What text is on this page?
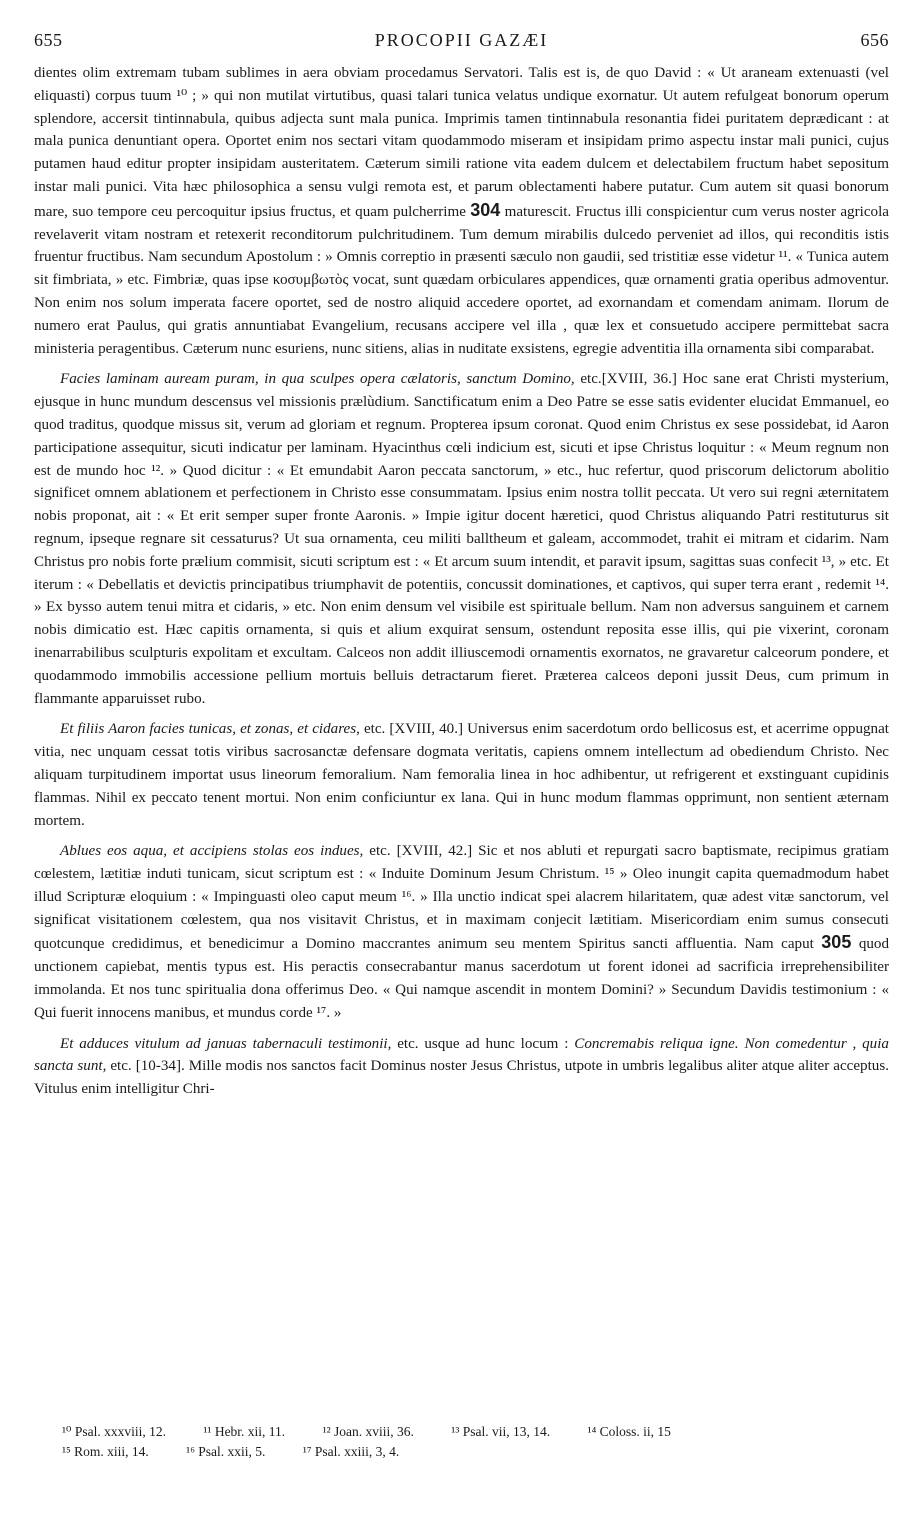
655	PROCOPII GAZÆI	656

dientes olim extremam tubam sublimes in aera obviam procedamus Servatori. Talis est is, de quo David : « Ut araneam extenuasti (vel eliquasti) corpus tuum ¹⁰ ; » qui non mutilat virtutibus, quasi talari tunica velatus undique exornatur. Ut autem refulgeat bonorum operum splendore, accersit tintinnabula, quibus adjecta sunt mala punica. Imprimis tamen tintinnabula resonantia fidei puritatem deprædicant : at mala punica denuntiant opera. Oportet enim nos sectari vitam quodammodo miseram et insipidam primo aspectu instar mali punici, cujus putamen haud editur propter insipidam austeritatem. Cæterum simili ratione vita eadem dulcem et delectabilem fructum habet sepositum instar mali punici. Vita hæc philosophica a sensu vulgi remota est, et parum oblectamenti habere putatur. Cum autem sit quasi bonorum mare, suo tempore ceu percoquitur ipsius fructus, et quam pulcherrime 304 maturescit. Fructus illi conspicientur cum verus noster agricola revelaverit vitam nostram et retexerit reconditorum pulchritudinem. Tum demum mirabilis dulcedo perveniet ad illos, qui reconditis istis fruentur fructibus. Nam secundum Apostolum : » Omnis correptio in præsenti sæculo non gaudii, sed tristitiæ esse videtur ¹¹. « Tunica autem sit fimbriata, » etc. Fimbriæ, quas ipse κοσυμβωτὸς vocat, sunt quædam orbiculares appendices, quæ ornamenti gratia operibus admoventur. Non enim nos solum imperata facere oportet, sed de nostro aliquid accedere oportet, ad exornandam et comendam animam. Ilorum de numero erat Paulus, qui gratis annuntiabat Evangelium, recusans accipere vel illa , quæ lex et consuetudo accipere permittebat sacra ministeria peragentibus. Cæterum nunc esuriens, nunc sitiens, alias in nuditate exsistens, egregie adventitia illa ornamenta sibi comparabat.

Facies laminam auream puram, in qua sculpes opera cælatoris, sanctum Domino, etc.[XVIII, 36.] Hoc sane erat Christi mysterium, ejusque in hunc mundum descensus vel missionis prælùdium. Sanctificatum enim a Deo Patre se esse satis evidenter elucidat Emmanuel, eo quod traditus, quodque missus sit, verum ad gloriam et regnum. Propterea ipsum coronat. Quod enim Christus ex sese possidebat, id Aaron participatione assequitur, sicuti indicatur per laminam. Hyacinthus cœli indicium est, sicuti et ipse Christus loquitur : « Meum regnum non est de mundo hoc ¹². » Quod dicitur : « Et emundabit Aaron peccata sanctorum, » etc., huc refertur, quod priscorum delictorum abolitio significet omnem ablationem et perfectionem in Christo esse consummatam. Ipsius enim nostra tollit peccata. Ut vero sui regni æternitatem nobis proponat, ait : « Et erit semper super fronte Aaronis. » Impie igitur docent hæretici, quod Christus aliquando Patri restituturus sit regnum, ipseque regnare sit cessaturus? Ut sua ornamenta, ceu militi balltheum et galeam, accommodet, trahit ei mitram et cidarim. Nam Christus pro nobis forte prælium commisit, sicuti scriptum est : « Et arcum suum intendit, et paravit ipsum, sagittas suas confecit ¹³, » etc. Et iterum : « Debellatis et devictis principatibus triumphavit de potentiis, concussit dominationes, et captivos, qui super terra erant , redemit ¹⁴. » Ex bysso autem tenui mitra et cidaris, » etc. Non enim densum vel visibile est spirituale bellum. Nam non adversus sanguinem et carnem nobis dimicatio est. Hæc capitis ornamenta, si quis et alium exquirat sensum, ostendunt reposita esse illis, qui pie vixerint, coronam inenarrabilibus sculpturis expolitam et excultam. Calceos non addit illiuscemodi ornamentis exornatos, ne gravaretur calceorum pondere, et quodammodo immobilis accessione pellium mortuis belluis detractarum fieret. Præterea calceos deponi jussit Deus, cum primum in flammante apparuisset rubo.

Et filiis Aaron facies tunicas, et zonas, et cidares, etc. [XVIII, 40.] Universus enim sacerdotum ordo bellicosus est, et acerrime oppugnat vitia, nec unquam cessat totis viribus sacrosanctæ defensare dogmata veritatis, capiens omnem intellectum ad obediendum Christo. Nec aliquam turpitudinem importat usus lineorum femoralium. Nam femoralia linea in hoc adhibentur, ut refrigerent et exstinguant cupidinis flammas. Nihil ex peccato tenent mortui. Non enim conficiuntur ex lana. Qui in hunc modum flammas opprimunt, non sentient æternam mortem.

Ablues eos aqua, et accipiens stolas eos indues, etc. [XVIII, 42.] Sic et nos abluti et repurgati sacro baptismate, recipimus gratiam cœlestem, lætitiæ induti tunicam, sicut scriptum est : « Induite Dominum Jesum Christum. ¹⁵ » Oleo inungit capita quemadmodum habet illud Scripturæ eloquium : « Impinguasti oleo caput meum ¹⁶. » Illa unctio indicat spei alacrem hilaritatem, quæ adest vitæ sanctorum, vel significat visitationem cœlestem, qua nos visitavit Christus, et in maximam conjecit lætitiam. Misericordiam enim sumus consecuti quotcunque credidimus, et benedicimur a Domino maccrantes animum seu mentem Spiritus sancti affluentia. Nam caput 305 quod unctionem capiebat, mentis typus est. His peractis consecrabantur manus sacerdotum ut forent idonei ad sacrificia irreprehensibiliter immolanda. Et nos tunc spiritualia dona offerimus Deo. « Qui namque ascendit in montem Domini? » Secundum Davidis testimonium : « Qui fuerit innocens manibus, et mundus corde ¹⁷. »

Et adduces vitulum ad januas tabernaculi testimonii, etc. usque ad hunc locum : Concremabis reliqua igne. Non comedentur , quia sancta sunt, etc. [10-34]. Mille modis nos sanctos facit Dominus noster Jesus Christus, utpote in umbris legalibus aliter atque aliter acceptus. Vitulus enim intelligitur Chri-

¹⁰ Psal. xxxviii, 12.	¹¹ Hebr. xii, 11.	¹² Joan. xviii, 36.	¹³ Psal. vii, 13, 14.	¹⁴ Coloss. ii, 15
¹⁵ Rom. xiii, 14.	¹⁶ Psal. xxii, 5.	¹⁷ Psal. xxiii, 3, 4.
